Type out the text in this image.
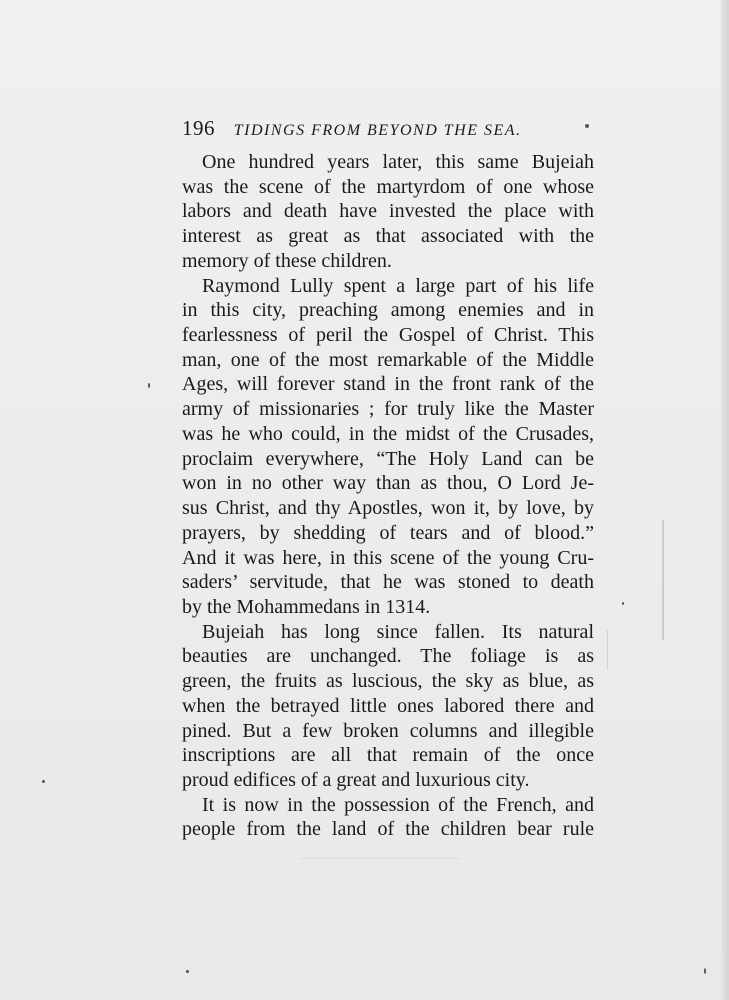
196 TIDINGS FROM BEYOND THE SEA.
One hundred years later, this same Bujeiah
was the scene of the martyrdom of one whose
labors and death have invested the place with
interest as great as that associated with the
memory of these children.
Raymond Lully spent a large part of his life
in this city, preaching among enemies and in
fearlessness of peril the Gospel of Christ. This
man, one of the most remarkable of the Middle
Ages, will forever stand in the front rank of the
army of missionaries ; for truly like the Master
was he who could, in the midst of the Crusades,
proclaim everywhere, “The Holy Land can be
won in no other way than as thou, O Lord Je-
sus Christ, and thy Apostles, won it, by love, by
prayers, by shedding of tears and of blood.”
And it was here, in this scene of the young Cru-
saders’ servitude, that he was stoned to death
by the Mohammedans in 1314.
Bujeiah has long since fallen. Its natural
beauties are unchanged. The foliage is as
green, the fruits as luscious, the sky as blue, as
when the betrayed little ones labored there and
pined. But a few broken columns and illegible
inscriptions are all that remain of the once
proud edifices of a great and luxurious city.
It is now in the possession of the French, and
people from the land of the children bear rule
